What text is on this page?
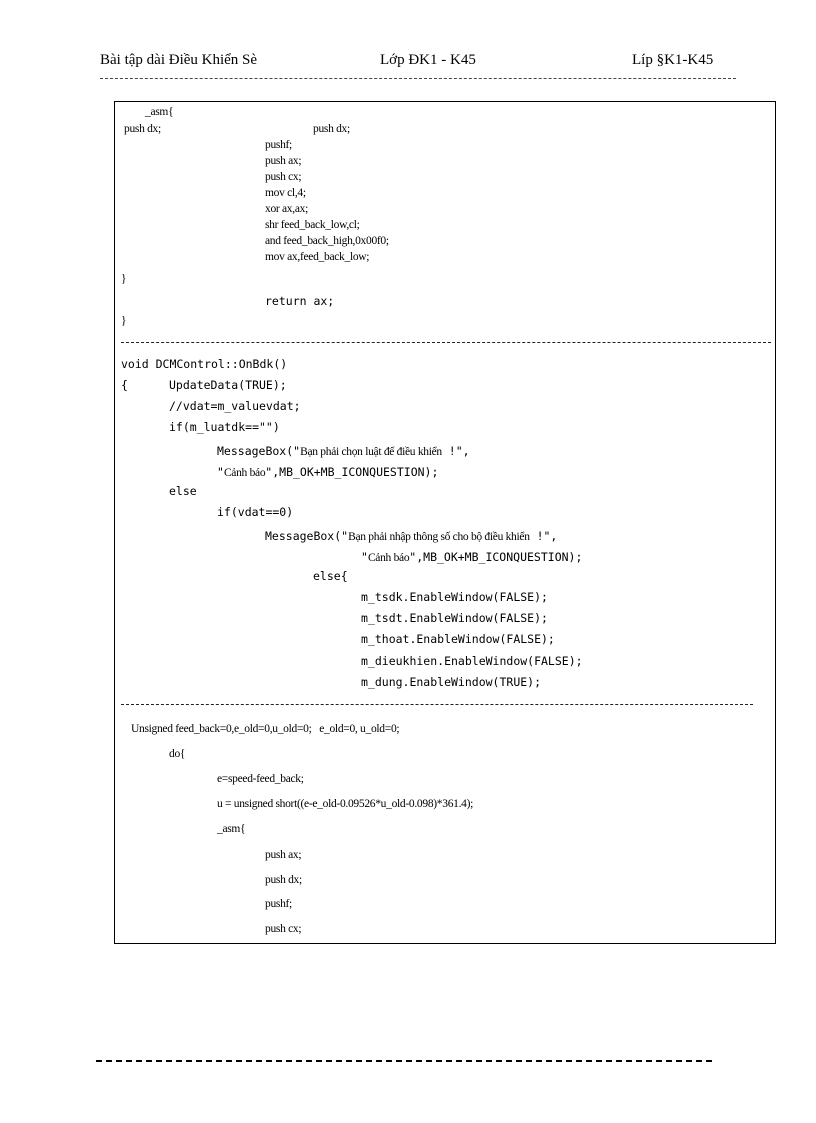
Bài tập dài Điều Khiển Sè	Lớp ĐK1 - K45	Líp §K1-K45
_asm{
push dx;	push dx;
pushf;
push ax;
push cx;
mov cl,4;
xor ax,ax;
shr feed_back_low,cl;
and feed_back_high,0x00f0;
mov ax,feed_back_low;
}
return ax;
}
void DCMControl::OnBdk()
{	UpdateData(TRUE);
//vdat=m_valuevdat;
if(m_luatdk=="")
MessageBox("Bạn phải chọn luật để điều khiển !",
"Cảnh báo",MB_OK+MB_ICONQUESTION);
else
if(vdat==0)
MessageBox("Bạn phải nhập thông số cho bộ điều khiển !",
"Cảnh báo",MB_OK+MB_ICONQUESTION);
else{
m_tsdk.EnableWindow(FALSE);
m_tsdt.EnableWindow(FALSE);
m_thoat.EnableWindow(FALSE);
m_dieukhien.EnableWindow(FALSE);
m_dung.EnableWindow(TRUE);
Unsigned feed_back=0,e_old=0,u_old=0;   e_old=0, u_old=0;
do{
e=speed-feed_back;
u = unsigned short((e-e_old-0.09526*u_old-0.098)*361.4);
_asm{
push ax;
push dx;
pushf;
push cx;
